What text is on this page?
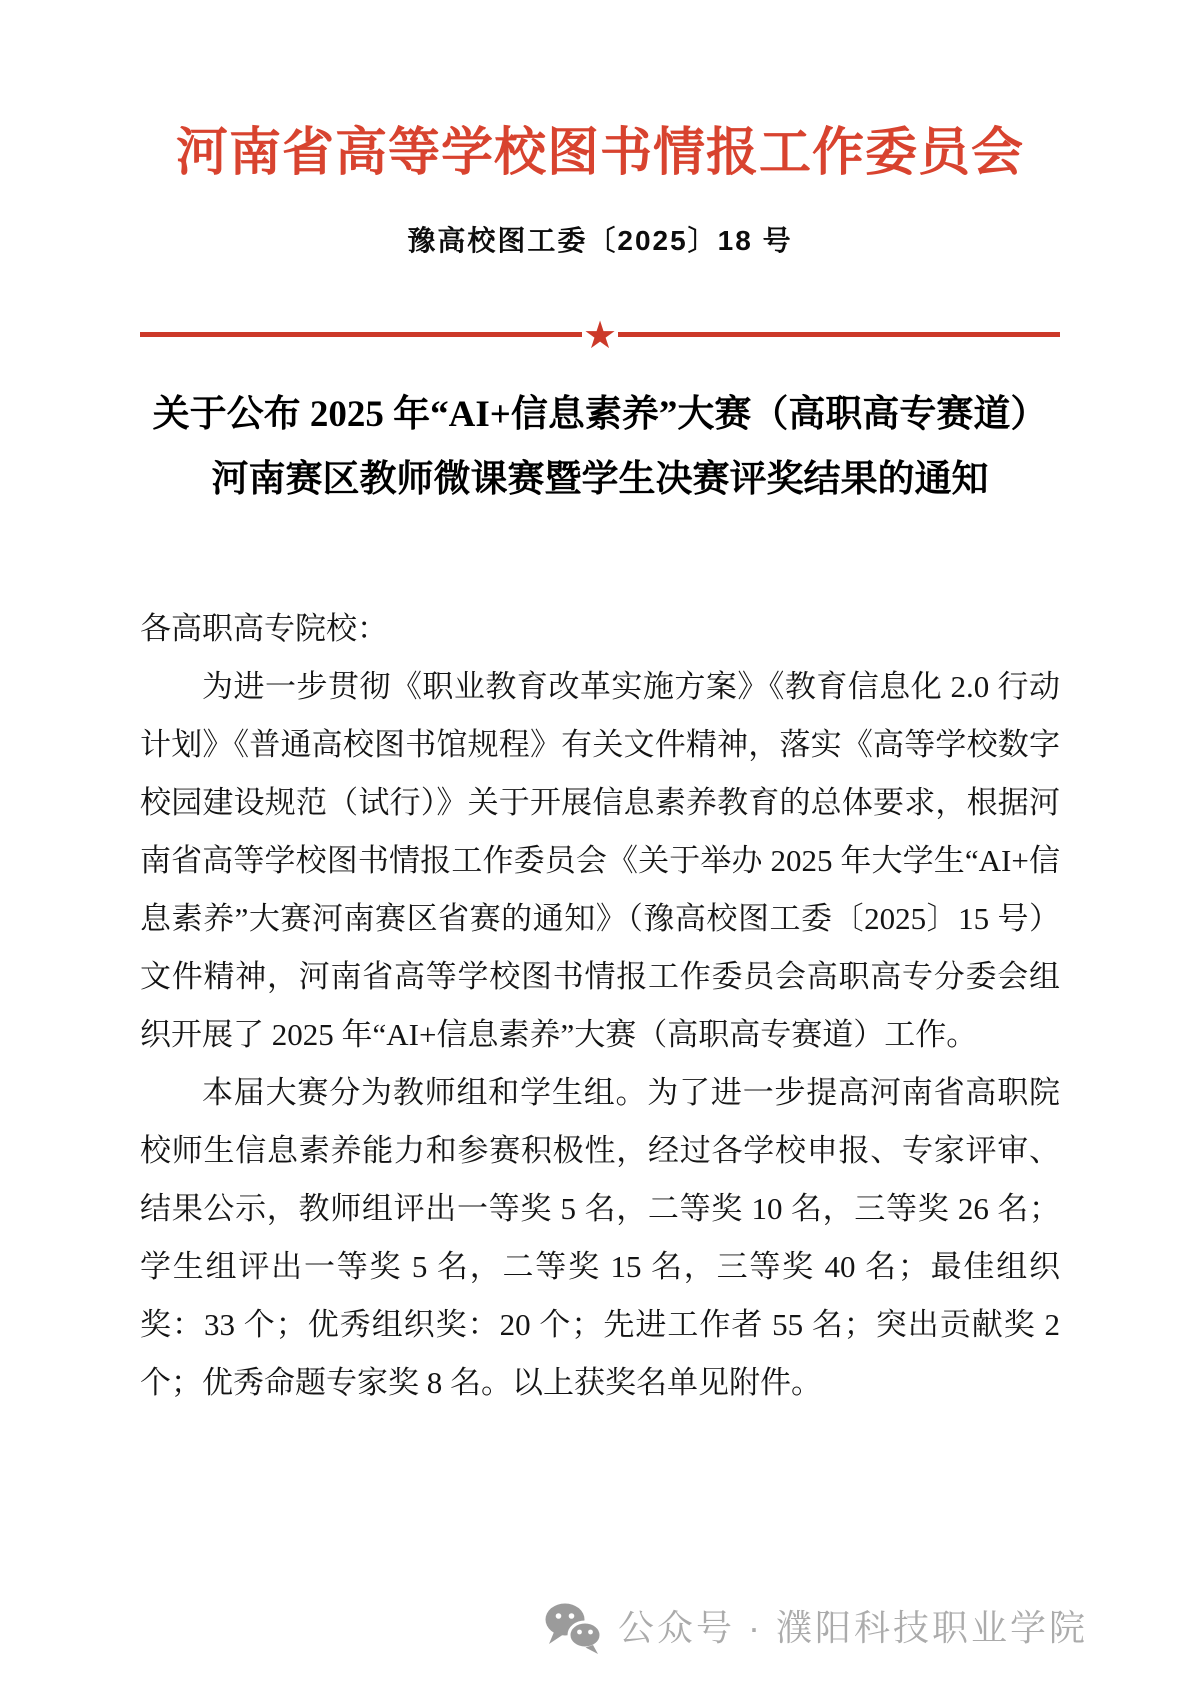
河南省高等学校图书情报工作委员会
豫高校图工委〔2025〕18 号
★
关于公布 2025 年“AI+信息素养”大赛（高职高专赛道）
河南赛区教师微课赛暨学生决赛评奖结果的通知

各高职高专院校：

为进一步贯彻《职业教育改革实施方案》《教育信息化 2.0 行动计划》《普通高校图书馆规程》有关文件精神，落实《高等学校数字校园建设规范（试行）》关于开展信息素养教育的总体要求，根据河南省高等学校图书情报工作委员会《关于举办 2025 年大学生“AI+信息素养”大赛河南赛区省赛的通知》（豫高校图工委〔2025〕15 号）文件精神，河南省高等学校图书情报工作委员会高职高专分委会组织开展了 2025 年“AI+信息素养”大赛（高职高专赛道）工作。

本届大赛分为教师组和学生组。为了进一步提高河南省高职院校师生信息素养能力和参赛积极性，经过各学校申报、专家评审、结果公示，教师组评出一等奖 5 名，二等奖 10 名，三等奖 26 名；学生组评出一等奖 5 名，二等奖 15 名，三等奖 40 名；最佳组织奖：33 个；优秀组织奖：20 个；先进工作者 55 名；突出贡献奖 2 个；优秀命题专家奖 8 名。以上获奖名单见附件。

公众号 · 濮阳科技职业学院
